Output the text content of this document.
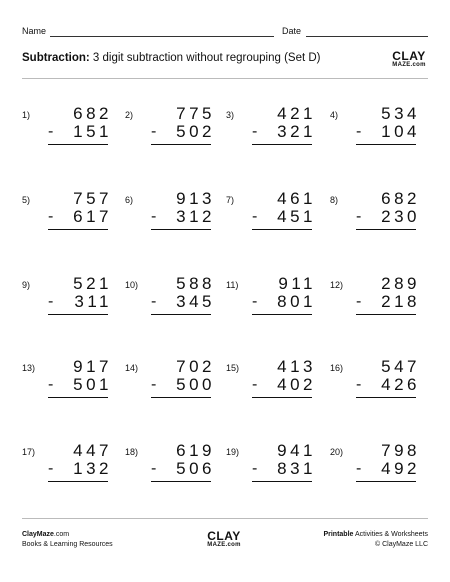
Name	Date
Subtraction: 3 digit subtraction without regrouping (Set D)	CLAY
MAZE.com
1)	682
- 151
2)	775
- 502
3)	421
- 321
4)	534
- 104
5)	757
- 617
6)	913
- 312
7)	461
- 451
8)	682
- 230
9)	521
- 311
10) 588
- 345
11) 911
- 801
12) 289
- 218
13) 917
- 501
14) 702
- 500
15) 413
- 402
16) 547
- 426
17) 447
- 132
18) 619
- 506
19) 941
- 831
20) 798
- 492
ClayMaze.com
Books & Learning Resources
CLAY
MAZE.com
Printable Activities & Worksheets
© ClayMaze LLC
